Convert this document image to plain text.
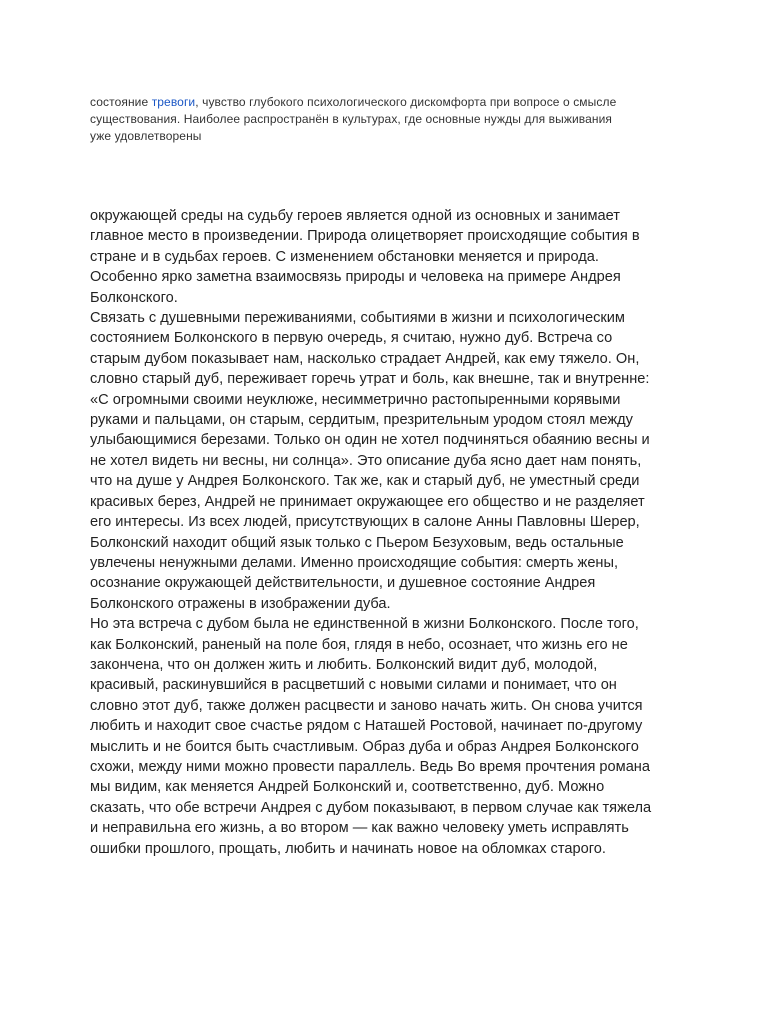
состояние тревоги, чувство глубокого психологического дискомфорта при вопросе о смысле
существования. Наиболее распространён в культурах, где основные нужды для выживания
уже удовлетворены
окружающей среды на судьбу героев является одной из основных и занимает
главное место в произведении. Природа олицетворяет происходящие события в
стране и в судьбах героев. С изменением обстановки меняется и природа.
Особенно ярко заметна взаимосвязь природы и человека на примере Андрея
Болконского.
Связать с душевными переживаниями, событиями в жизни и психологическим
состоянием Болконского в первую очередь, я считаю, нужно дуб. Встреча со
старым дубом показывает нам, насколько страдает Андрей, как ему тяжело. Он,
словно старый дуб, переживает горечь утрат и боль, как внешне, так и внутренне:
«С огромными своими неуклюже, несимметрично растопыренными корявыми
руками и пальцами, он старым, сердитым, презрительным уродом стоял между
улыбающимися березами. Только он один не хотел подчиняться обаянию весны и
не хотел видеть ни весны, ни солнца». Это описание дуба ясно дает нам понять,
что на душе у Андрея Болконского. Так же, как и старый дуб, не уместный среди
красивых берез, Андрей не принимает окружающее его общество и не разделяет
его интересы. Из всех людей, присутствующих в салоне Анны Павловны Шерер,
Болконский находит общий язык только с Пьером Безуховым, ведь остальные
увлечены ненужными делами. Именно происходящие события: смерть жены,
осознание окружающей действительности, и душевное состояние Андрея
Болконского отражены в изображении дуба.
Но эта встреча с дубом была не единственной в жизни Болконского. После того,
как Болконский, раненый на поле боя, глядя в небо, осознает, что жизнь его не
закончена, что он должен жить и любить. Болконский видит дуб, молодой,
красивый, раскинувшийся в расцветший с новыми силами и понимает, что он
словно этот дуб, также должен расцвести и заново начать жить. Он снова учится
любить и находит свое счастье рядом с Наташей Ростовой, начинает по-другому
мыслить и не боится быть счастливым. Образ дуба и образ Андрея Болконского
схожи, между ними можно провести параллель. Ведь Во время прочтения романа
мы видим, как меняется Андрей Болконский и, соответственно, дуб. Можно
сказать, что обе встречи Андрея с дубом показывают, в первом случае как тяжела
и неправильна его жизнь, а во втором — как важно человеку уметь исправлять
ошибки прошлого, прощать, любить и начинать новое на обломках старого.
